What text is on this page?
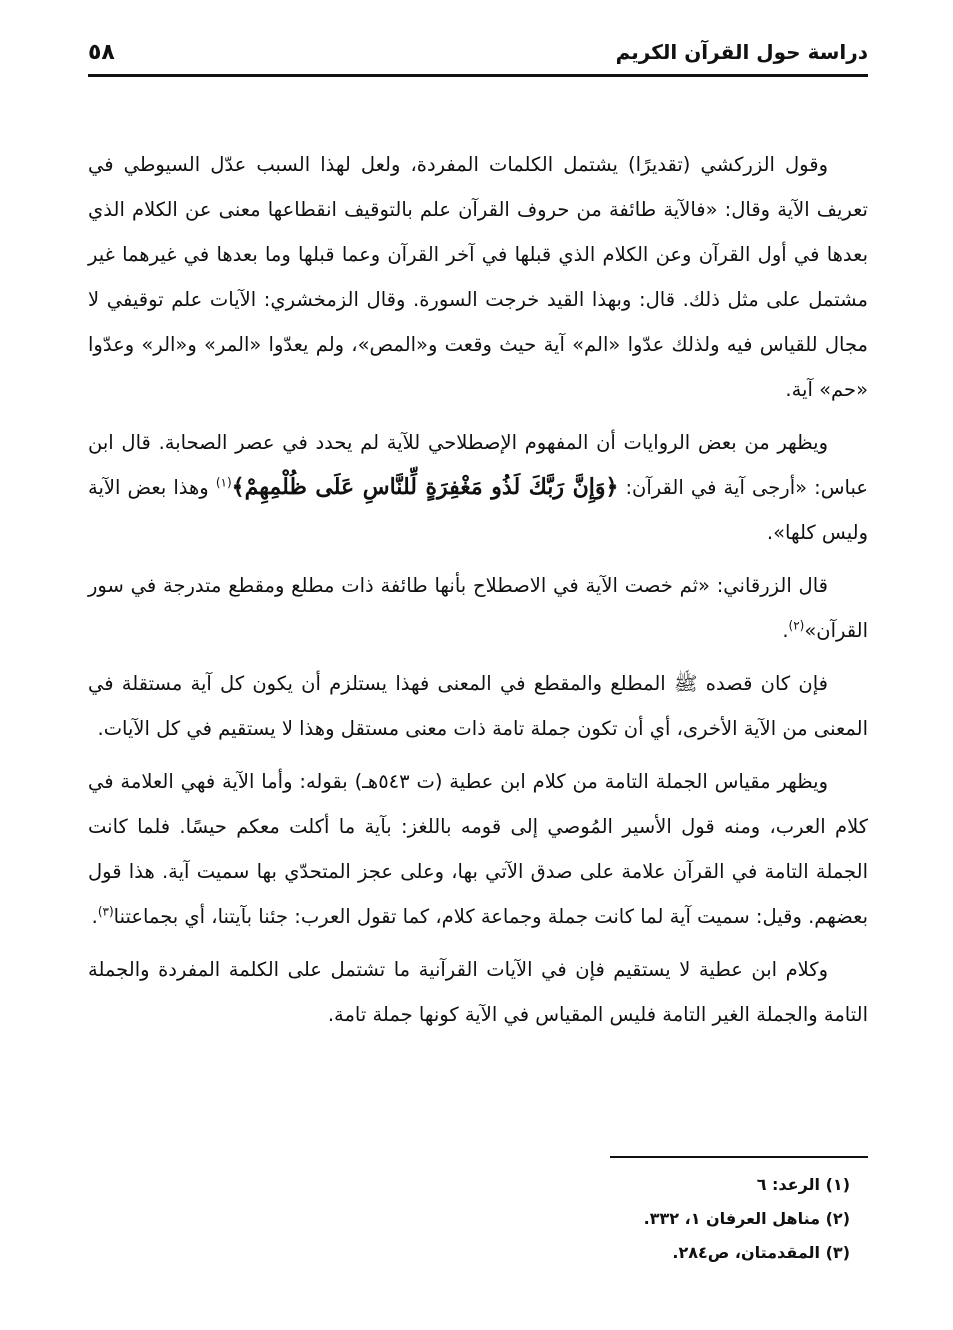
دراسة حول القرآن الكريم
٥٨

وقول الزركشي (تقديرًا) يشتمل الكلمات المفردة، ولعل لهذا السبب عدّل السيوطي في تعريف الآية وقال: «فالآية طائفة من حروف القرآن علم بالتوقيف انقطاعها معنى عن الكلام الذي بعدها في أول القرآن وعن الكلام الذي قبلها في آخر القرآن وعما قبلها وما بعدها في غيرهما غير مشتمل على مثل ذلك. قال: وبهذا القيد خرجت السورة. وقال الزمخشري: الآيات علم توقيفي لا مجال للقياس فيه ولذلك عدّوا «الم» آية حيث وقعت و«المص»، ولم يعدّوا «المر» و«الر» وعدّوا «حم» آية.

ويظهر من بعض الروايات أن المفهوم الإصطلاحي للآية لم يحدد في عصر الصحابة. قال ابن عباس: «أرجى آية في القرآن: ﴿وَإِنَّ رَبَّكَ لَذُو مَغْفِرَةٍ لِّلنَّاسِ عَلَى ظُلْمِهِمْ﴾$^{(١)}$ وهذا بعض الآية وليس كلها».

قال الزرقاني: «ثم خصت الآية في الاصطلاح بأنها طائفة ذات مطلع ومقطع متدرجة في سور القرآن»$^{(٢)}$.

فإن كان قصده ﷺ المطلع والمقطع في المعنى فهذا يستلزم أن يكون كل آية مستقلة في المعنى من الآية الأخرى، أي أن تكون جملة تامة ذات معنى مستقل وهذا لا يستقيم في كل الآيات.

ويظهر مقياس الجملة التامة من كلام ابن عطية (ت ٥٤٣هـ) بقوله: وأما الآية فهي العلامة في كلام العرب، ومنه قول الأسير المُوصي إلى قومه باللغز: بآية ما أكلت معكم حيسًا. فلما كانت الجملة التامة في القرآن علامة على صدق الآتي بها، وعلى عجز المتحدّي بها سميت آية. هذا قول بعضهم. وقيل: سميت آية لما كانت جملة وجماعة كلام، كما تقول العرب: جئنا بآيتنا، أي بجماعتنا$^{(٣)}$.

وكلام ابن عطية لا يستقيم فإن في الآيات القرآنية ما تشتمل على الكلمة المفردة والجملة التامة والجملة الغير التامة فليس المقياس في الآية كونها جملة تامة.

(١) الرعد: ٦
(٢) مناهل العرفان ١، ٣٣٢.
(٣) المقدمتان، ص٢٨٤.
